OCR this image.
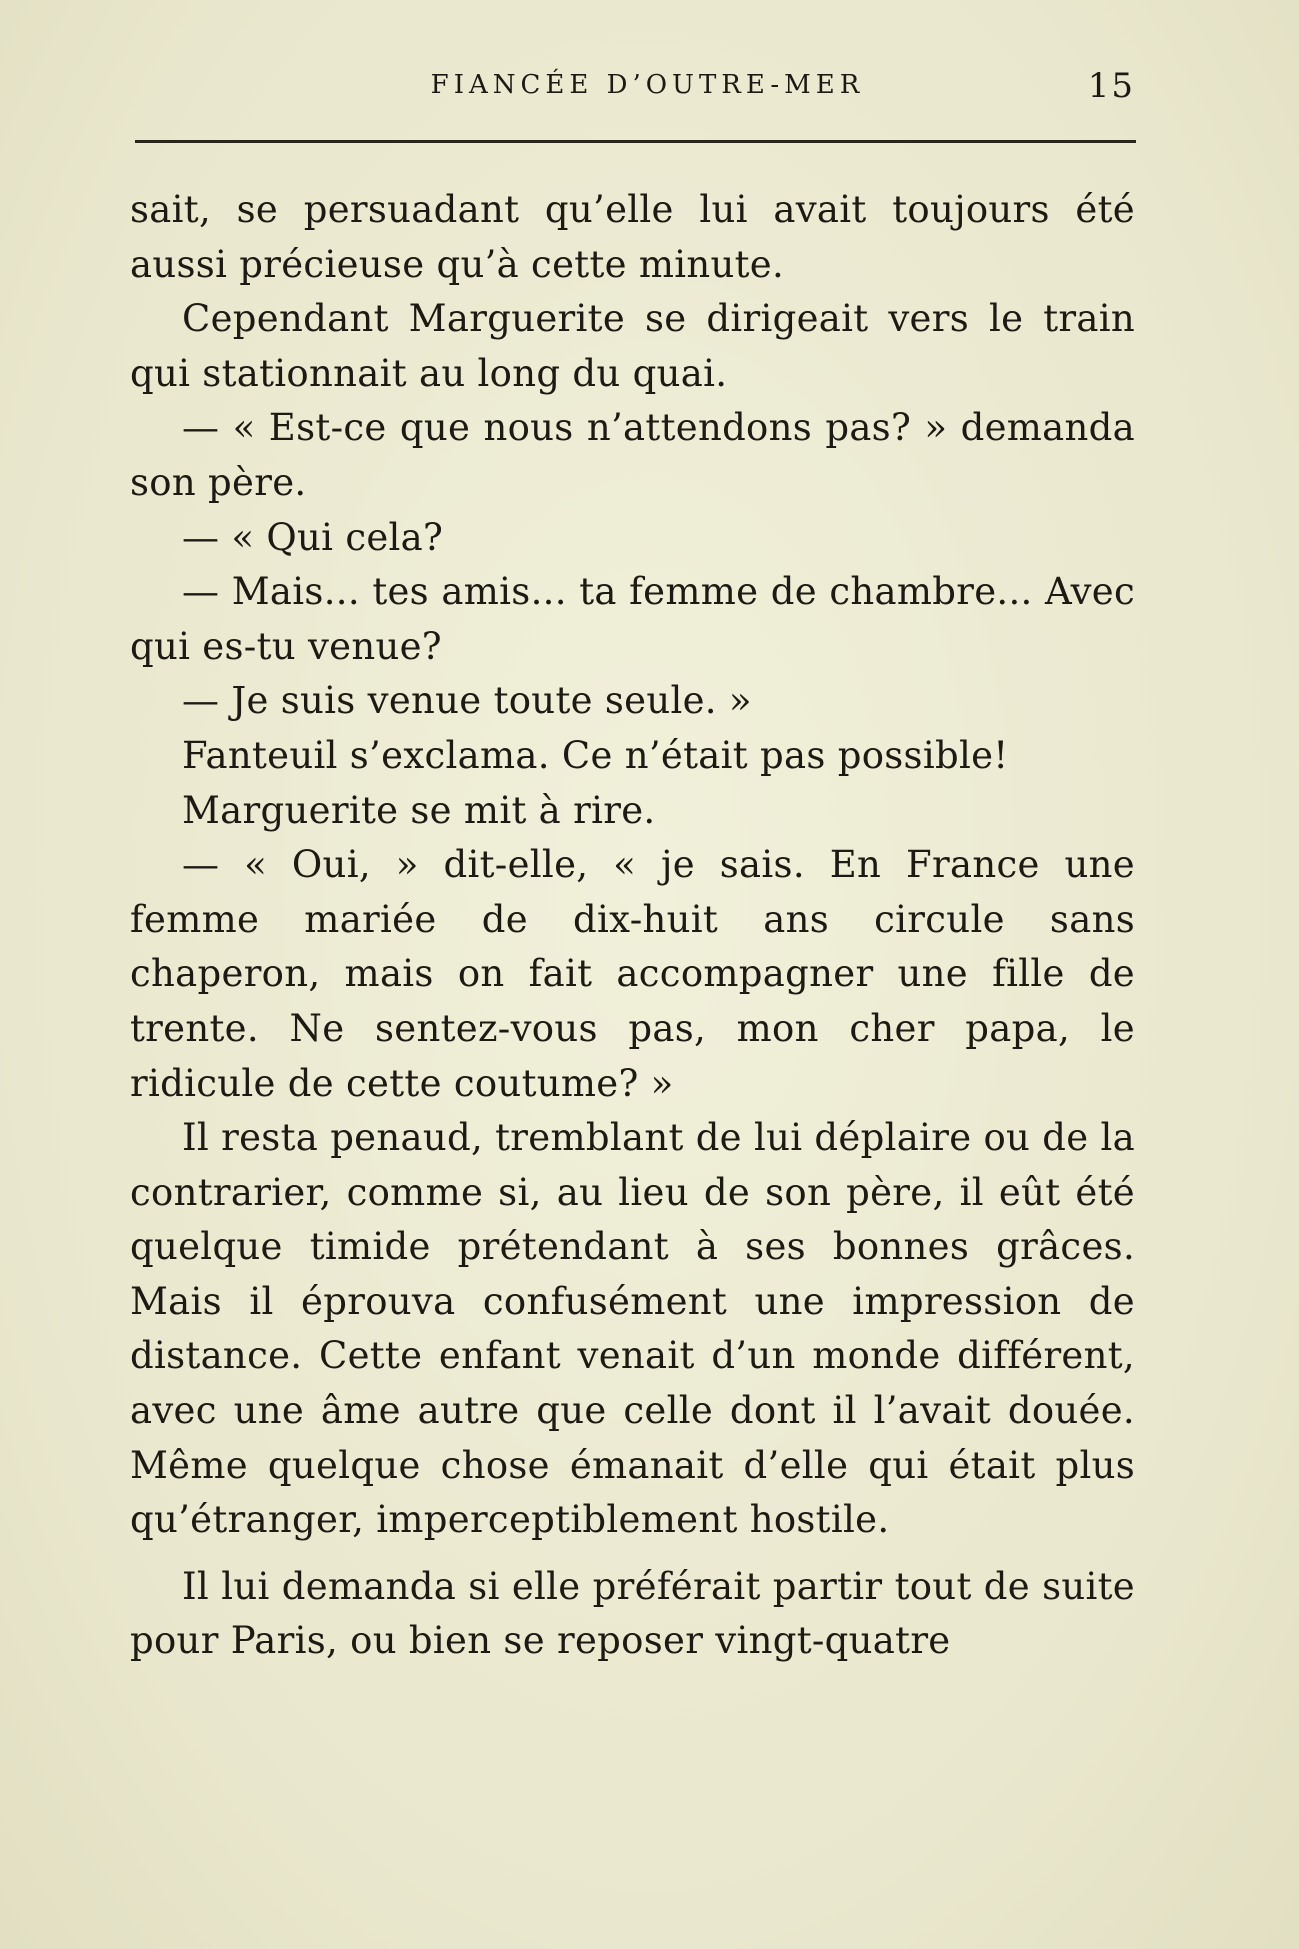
FIANCÉE D’OUTRE-MER	15

sait, se persuadant qu’elle lui avait toujours été aussi précieuse qu’à cette minute.

Cependant Marguerite se dirigeait vers le train qui stationnait au long du quai.

— « Est-ce que nous n’attendons pas? » demanda son père.

— « Qui cela?

— Mais... tes amis... ta femme de chambre... Avec qui es-tu venue?

— Je suis venue toute seule. »

Fanteuil s’exclama. Ce n’était pas possible!

Marguerite se mit à rire.

— « Oui, » dit-elle, « je sais. En France une femme mariée de dix-huit ans circule sans chaperon, mais on fait accompagner une fille de trente. Ne sentez-vous pas, mon cher papa, le ridicule de cette coutume? »

Il resta penaud, tremblant de lui déplaire ou de la contrarier, comme si, au lieu de son père, il eût été quelque timide prétendant à ses bonnes grâces. Mais il éprouva confusément une impression de distance. Cette enfant venait d’un monde différent, avec une âme autre que celle dont il l’avait douée. Même quelque chose émanait d’elle qui était plus qu’étranger, imperceptiblement hostile.

Il lui demanda si elle préférait partir tout de suite pour Paris, ou bien se reposer vingt-quatre
